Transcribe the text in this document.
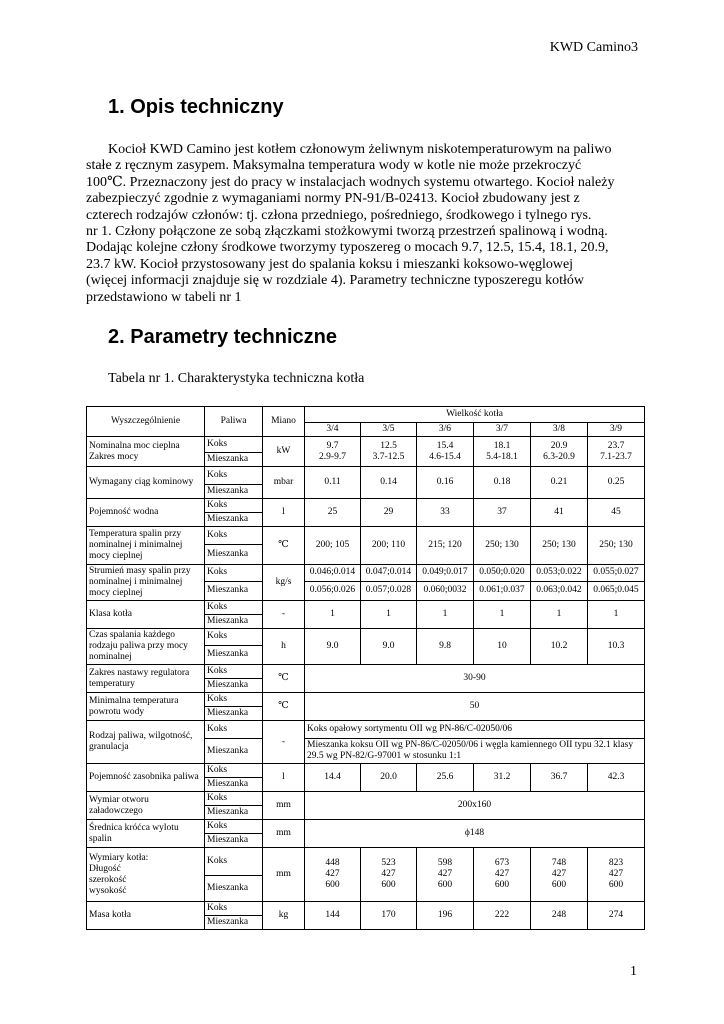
KWD Camino3
1. Opis techniczny

Kocioł KWD Camino jest kotłem członowym żeliwnym niskotemperaturowym na paliwo
stałe z ręcznym zasypem. Maksymalna temperatura wody w kotle nie może przekroczyć
100℃. Przeznaczony jest do pracy w instalacjach wodnych systemu otwartego. Kocioł należy
zabezpieczyć zgodnie z wymaganiami normy PN-91/B-02413. Kocioł zbudowany jest z
czterech rodzajów członów: tj. człona przedniego, pośredniego, środkowego i tylnego rys.
nr 1. Człony połączone ze sobą złączkami stożkowymi tworzą przestrzeń spalinową i wodną.
Dodając kolejne człony środkowe tworzymy typoszereg o mocach 9.7, 12.5, 15.4, 18.1, 20.9,
23.7 kW. Kocioł przystosowany jest do spalania koksu i mieszanki koksowo-węglowej
(więcej informacji znajduje się w rozdziale 4). Parametry techniczne typoszeregu kotłów
przedstawiono w tabeli nr 1

2. Parametry techniczne
Tabela nr 1. Charakterystyka techniczna kotła
Wyszczególnienie	Paliwa	Miano	Wielkość kotła					
			3/4	3/5	3/6	3/7	3/8	3/9
Nominalna moc cieplna Zakres mocy	Koks	kW	9.7
2.9-9.7	12.5
3.7-12.5	15.4
4.6-15.4	18.1
5.4-18.1	20.9
6.3-20.9	23.7
7.1-23.7
	Mieszanka							
Wymagany ciąg kominowy	Koks	mbar	0.11	0.14	0.16	0.18	0.21	0.25
	Mieszanka							
Pojemność wodna	Koks	l	25	29	33	37	41	45
	Mieszanka							
Temperatura spalin przy nominalnej i minimalnej mocy cieplnej	Koks	℃	200; 105	200; 110	215; 120	250; 130	250; 130	250; 130
	Mieszanka							
Strumień masy spalin przy nominalnej i minimalnej mocy cieplnej	Koks	kg/s	0.046;0.014	0.047;0.014	0.049;0.017	0.050;0.020	0.053;0.022	0.055;0.027
	Mieszanka		0.056;0.026	0.057;0.028	0.060;0032	0.061;0.037	0.063;0.042	0.065;0.045
Klasa kotła	Koks	-	1	1	1	1	1	1
	Mieszanka							
Czas spalania każdego rodzaju paliwa przy mocy nominalnej	Koks	h	9.0	9.0	9.8	10	10.2	10.3
	Mieszanka							
Zakres nastawy regulatora temperatury	Koks	℃	30-90					
	Mieszanka							
Minimalna temperatura powrotu wody	Koks	℃	50					
	Mieszanka							
Rodzaj paliwa, wilgotność, granulacja	Koks	-	Koks opałowy sortymentu OII wg PN-86/C-02050/06					
	Mieszanka		Mieszanka koksu OII wg PN-86/C-02050/06 i węgla kamiennego OII typu 32.1 klasy 29.5 wg PN-82/G-97001 w stosunku 1:1					
Pojemność zasobnika paliwa	Koks	l	14.4	20.0	25.6	31.2	36.7	42.3
	Mieszanka							
Wymiar otworu załadowczego	Koks	mm	200x160					
	Mieszanka							
Średnica króćca wylotu spalin	Koks	mm	ϕ148					
	Mieszanka							
Wymiary kotła:
Długość
szerokość
wysokość	Koks	mm	448
427
600	523
427
600	598
427
600	673
427
600	748
427
600	823
427
600
	Mieszanka							
Masa kotła	Koks	kg	144	170	196	222	248	274
	Mieszanka							
1
